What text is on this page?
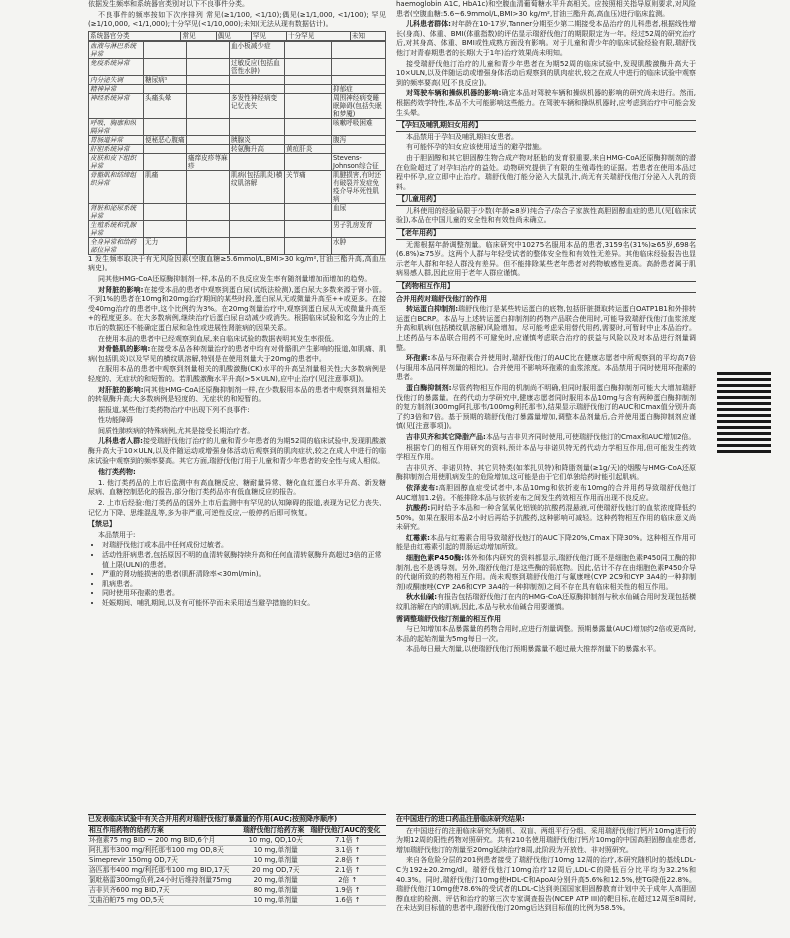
依据发生频率和系统器官类别对以下不良事件分类。

不良事件的频率按如下次序排列 常见(≥1/100, <1/10);偶见(≥1/1,000, <1/100); 罕见(≥1/10,000, <1/1,000);十分罕见(<1/10,000);未知(无法从现有数据估计)。

系统器官分类	常见	偶见	罕见	十分罕见	未知
血液与淋巴系统异常			血小板减少症		
免疫系统异常			过敏反应(包括血管性水肿)		
内分泌失调	糖尿病¹				
精神异常					抑郁症
神经系统异常	头痛头晕		多发性神经病变记忆丧失		周围神经病变睡眠障碍(包括失眠和梦魇)
呼吸、胸廓和纵隔异常					咳嗽呼吸困难
胃肠道异常	便秘恶心腹痛		胰腺炎		腹泻
肝胆系统异常			转氨酶升高	黄疸肝炎	
皮肤和皮下组织异常		瘙痒皮疹荨麻疹			Stevens-Johnson综合征
骨骼肌和结缔组织异常	肌痛		肌病(包括肌炎)横纹肌溶解	关节痛	肌腱损害,有时还有破裂并发症免疫介导坏死性肌病
肾脏和泌尿系统异常					血尿
生殖系统和乳腺异常					男子乳房发育
全身异常和给药部位异常	无力				水肿

1 发生频率取决于有无风险因素(空腹血糖≥5.6mmol/L,BMI>30 kg/m²,甘油三酯升高,高血压病史)。

同其他HMG-CoA还原酶抑制剂一样,本品的不良反应发生率有随剂量增加而增加的趋势。

对肾脏的影响:在接受本品的患者中观察到蛋白尿(试纸法检测),蛋白尿大多数来源于肾小管。不到1%的患者在10mg和20mg治疗期间的某些时段,蛋白尿从无或微量升高至++或更多。在接受40mg治疗的患者中,这个比例约为3%。在20mg剂量治疗中,观察到蛋白尿从无或微量升高至+的程度更多。在大多数病例,继续治疗后蛋白尿自动减少或消失。根据临床试验和迄今为止的上市后的数据还不能确定蛋白尿和急性或进展性肾脏病的因果关系。

在使用本品的患者中已经观察到血尿,来自临床试验的数据表明其发生率很低。

对骨骼肌的影响:在接受本品各种剂量治疗的患者中均有对骨骼肌产生影响的报道,如肌痛、肌病(包括肌炎)以及罕见的横纹肌溶解,特别是在使用剂量大于20mg的患者中。

在服用本品的患者中观察到剂量相关的肌酸激酶(CK)水平的升高呈剂量相关性;大多数病例是轻度的、无症状的和短暂的。若肌酸激酶水平升高(>5×ULN),应中止治疗(见[注意事项])。

对肝脏的影响:同其他HMG-CoA还原酶抑制剂一样,在少数服用本品的患者中观察到剂量相关的转氨酶升高;大多数病例是轻度的、无症状的和短暂的。

据报道,某些他汀类药物治疗中出现下列不良事件:

性功能障碍

间质性肺疾病的特殊病例,尤其是接受长期治疗者。

儿科患者人群:接受瑞舒伐他汀治疗的儿童和青少年患者的为期52周的临床试验中,发现肌酸激酶升高大于10×ULN,以及伴随运动或增强身体活动后观察到的肌肉症状,较之在成人中进行的临床试验中观察到的频率要高。其它方面,瑞舒伐他汀用于儿童和青少年患者的安全性与成人相似。

他汀类药物:

1. 他汀类药品的上市后监测中有高血糖反应、糖耐量异常、糖化血红蛋白水平升高、新发糖尿病、血糖控制恶化的报告,部分他汀类药品亦有低血糖反应的报告。

2. 上市后经验:他汀类药品的国外上市后监测中有罕见的认知障碍的报道,表现为记忆力丧失、记忆力下降、思维混乱等,多为非严重,可逆性反应,一般停药后即可恢复。

【禁忌】

本品禁用于:

• 对瑞舒伐他汀或本品中任何成份过敏者。
• 活动性肝病患者,包括原因不明的血清转氨酶持续升高和任何血清转氨酶升高超过3倍的正常值上限(ULN)的患者。
• 严重的肾功能损害的患者(肌酐清除率<30ml/min)。
• 肌病患者。
• 同时使用环孢素的患者。
• 妊娠期间、哺乳期间,以及有可能怀孕而未采用适当避孕措施的妇女。
已发表临床试验中有关合并用药对瑞舒伐他汀暴露量的作用(AUC;按照降序顺序)
相互作用药物的给药方案	瑞舒伐他汀给药方案	瑞舒伐他汀AUC的变化
环孢素75 mg BID ~ 200 mg BID,6个月	10 mg, QD,10天	7.1倍 ↑
阿扎那韦300 mg/利托那韦100 mg OD,8天	10 mg,单剂量	3.1倍 ↑
Simeprevir 150mg OD,7天	10 mg,单剂量	2.8倍 ↑
洛匹那韦400 mg/利托那韦100 mg BID,17天	20 mg OD,7天	2.1倍 ↑
氯吡格雷300mg负荷,24小时后维持剂量75mg	20 mg,单剂量	2倍 ↑
吉非贝齐600 mg BID,7天	80 mg,单剂量	1.9倍 ↑
艾曲泊帕75 mg OD,5天	10 mg,单剂量	1.6倍 ↑

haemoglobin A1C, HbA1c)和空腹血清葡萄糖水平升高相关。应按照相关指导原则要求,对风险患者(空腹血糖:5.6~6.9mmol/L,BMI>30 kg/m²,甘油三酯升高,高血压)进行临床监测。

儿科患者群体:对年龄在10-17岁,Tanner分期至少第二期接受本品治疗的儿科患者,根据线性增长(身高)、体重、BMI(体重指数)的评估显示瑞舒伐他汀的期限限定为一年。经过52周的研究治疗后,对其身高、体重、BMI或性成熟方面没有影响。对于儿童和青少年的临床试验经验有限,瑞舒伐他汀对青春期患者的长期(大于1年)治疗效果尚未明知。

接受瑞舒伐他汀治疗的儿童和青少年患者在为期52周的临床试验中,发现肌酸激酶升高大于10×ULN,以及伴随运动或增强身体活动后观察到的肌肉症状,较之在成人中进行的临床试验中观察到的频率要高(见[不良反应])。

对驾驶车辆和操纵机器的影响:确定本品对驾驶车辆和操纵机器的影响的研究尚未进行。然而,根据药效学特性,本品不大可能影响这些能力。在驾驶车辆和操纵机器时,应考虑到治疗中可能会发生头晕。

【孕妇及哺乳期妇女用药】

本品禁用于孕妇及哺乳期妇女患者。

有可能怀孕的妇女应该使用适当的避孕措施。

由于胆固醇和其它胆固醇生物合成产物对胚胎的发育很重要,来自HMG-CoA还原酶抑制剂的潜在危险超过了对孕妇治疗的益处。动物研究提供了有限的生殖毒性的证据。若患者在使用本品过程中怀孕,应立即中止治疗。瑞舒伐他汀能分泌入大鼠乳汁,尚无有关瑞舒伐他汀分泌入人乳的资料。

【儿童用药】

儿科使用的经验局限于少数(年龄≥8岁)纯合子/杂合子家族性高胆固醇血症的患儿(见[临床试验]),本品在中国儿童的安全性和有效性尚未确立。

【老年用药】

无需根据年龄调整剂量。临床研究中10275名服用本品的患者,3159名(31%)≥65岁,698名(6.8%)≥75岁。这两个人群与年轻受试者的整体安全性和有效性无差异。其他临床经验报告也显示老年人群和年轻人群没有差异。但不能排除某些老年患者对药物敏感性更高。高龄患者属于肌病易感人群,因此应用于老年人群应谨慎。

【药物相互作用】

合并用药对瑞舒伐他汀的作用

转运蛋白抑制剂:瑞舒伐他汀是某些转运蛋白的底物,包括肝脏摄取转运蛋白OATP1B1和外排转运蛋白BCRP。本品与上述转运蛋白抑制剂的药物产品联合使用时,可能导致瑞舒伐他汀血浆浓度升高和肌病(包括横纹肌溶解)风险增加。尽可能考虑采用替代用药,需要时,可暂时中止本品治疗。上述药品与本品联合用药不可避免时,应谨慎考虑联合治疗的获益与风险以及对本品进行剂量调整。

环孢素:本品与环孢素合并使用时,瑞舒伐他汀的AUC比在健康志愿者中所观察到的平均高7倍(与服用本品同样剂量的相比)。合并使用不影响环孢素的血浆浓度。本品禁用于同时使用环孢素的患者。

蛋白酶抑制剂:尽管药物相互作用的机制尚不明确,但同时服用蛋白酶抑制剂可能大大增加瑞舒伐他汀的暴露量。在药代动力学研究中,健康志愿者同时服用本品10mg与含有两种蛋白酶抑制剂的复方制剂(300mg阿扎那韦/100mg利托那韦),结果显示瑞舒伐他汀的AUC和Cmax值分别升高了约3倍和7倍。基于预期的瑞舒伐他汀暴露量增加,调整本品剂量后,合并使用蛋白酶抑制剂应谨慎(见[注意事项])。

吉非贝齐和其它降脂产品:本品与吉非贝齐同时使用,可使瑞舒伐他汀的Cmax和AUC增加2倍。

根据专门的相互作用研究的资料,预计本品与非诺贝特无药代动力学相互作用,但可能发生药效学相互作用。

吉非贝齐、非诺贝特、其它贝特类(如苯扎贝特)和降脂剂量(≥1g/天)的烟酸与HMG-CoA还原酶抑制剂合用使肌病发生的危险增加,这可能是由于它们单独给药时能引起肌病。

依泽麦布:高胆固醇血症受试者中,本品10mg和依折麦布10mg的合并用药导致瑞舒伐他汀AUC增加1.2倍。不能排除本品与依折麦布之间发生药效相互作用而出现不良反应。

抗酸药:同时给予本品和一种含氢氧化铝镁的抗酸药混悬液,可使瑞舒伐他汀的血浆浓度降低约50%。如果在服用本品2小时后再给予抗酸药,这种影响可减轻。这种药物相互作用的临床意义尚未研究。

红霉素:本品与红霉素合用导致瑞舒伐他汀的AUC下降20%,Cmax下降30%。这种相互作用可能是由红霉素引起的胃肠运动增加所致。

细胞色素P450酶:体外和体内研究的资料都显示,瑞舒伐他汀既不是细胞色素P450同工酶的抑制剂,也不是诱导剂。另外,瑞舒伐他汀是这些酶的弱底物。因此,估计不存在由细胞色素P450介导的代谢所致的药物相互作用。尚未观察到瑞舒伐他汀与氟康唑(CYP 2C9和CYP 3A4的一种抑制剂)或酮康唑(CYP 2A6和CYP 3A4的一种抑制剂)之间不存在具有临床相关性的相互作用。

秋水仙碱:有报告包括瑞舒伐他汀在内的HMG-CoA还原酶抑制剂与秋水仙碱合用时发现包括横纹肌溶解在内的肌病,因此,本品与秋水仙碱合用要谨慎。

需调整瑞舒伐他汀剂量的相互作用

与已知增加本品暴露量的药物合用时,应进行剂量调整。预期暴露量(AUC)增加约2倍或更高时,本品的起始剂量为5mg每日一次。

本品每日最大剂量,以使瑞舒伐他汀预期暴露量不超过最大推荐剂量下的暴露水平。

在中国进行的进口药品注册临床研究结果:

在中国进行的注册临床研究为随机、双盲、两组平行分组、采用瑞舒伐他汀钙片10mg进行的为期12周的阳性药物对照研究。共有210名使用瑞舒伐他汀钙片10mg的中国高胆固醇血症患者,增加瑞舒伐他汀的剂量至20mg延续治疗8周,此阶段为开放性、非对照研究。

来自各危险分层的201例患者接受了瑞舒伐他汀10mg 12周的治疗,本研究随机时的基线LDL-C为192±20.2mg/dl。瑞舒伐他汀10mg治疗12周后,LDL-C的降低百分比平均为32.2%和40.3%。同时,瑞舒伐他汀10mg使HDL-C和ApoAI分别升高5.6%和12.5%,使TG降低22.8%。瑞舒伐他汀10mg使78.6%的受试者的LDL-C达到美国国家胆固醇教育计划中关于成年人高胆固醇血症的检测、评估和治疗的第三次专家调查报告(NCEP ATP III)的靶目标,在超过12周至8周时,在未达到目标值的患者中,瑞舒伐他汀20mg后达到目标值的比例为58.5%。
